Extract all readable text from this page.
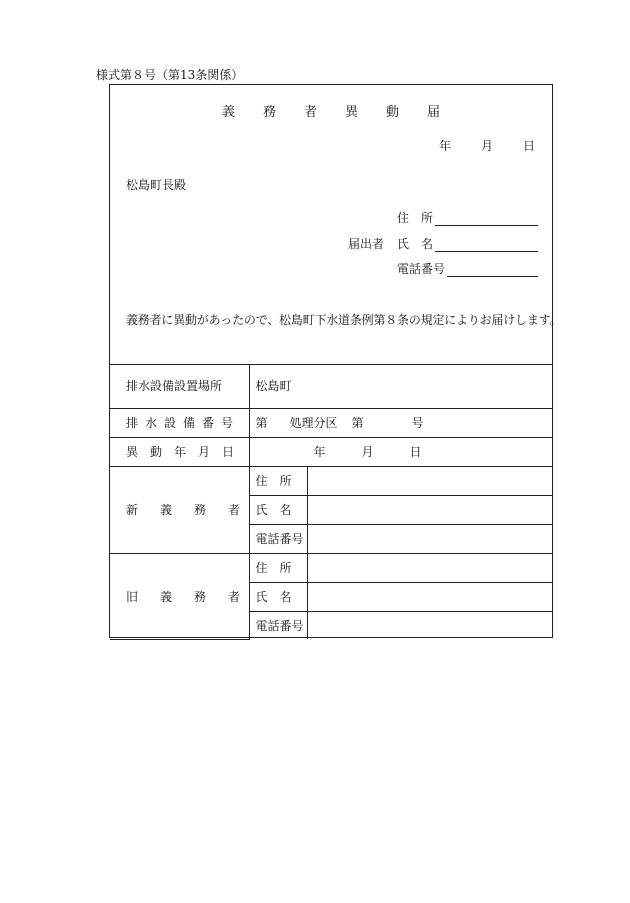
様式第８号（第13条関係）
義 務 者 異 動 届
年	月	日
松島町長殿
届出者
住　所
氏　名
電話番号
義務者に異動があったので、松島町下水道条例第８条の規定によりお届けします。
排水設備設置場所	松島町	

排水設備番号	第 処理分区 第 号	

異動年月日	年 月 日	

新義務者	住　所	
	氏　名	
	電話番号	
旧義務者	住　所	
	氏　名	
	電話番号	
